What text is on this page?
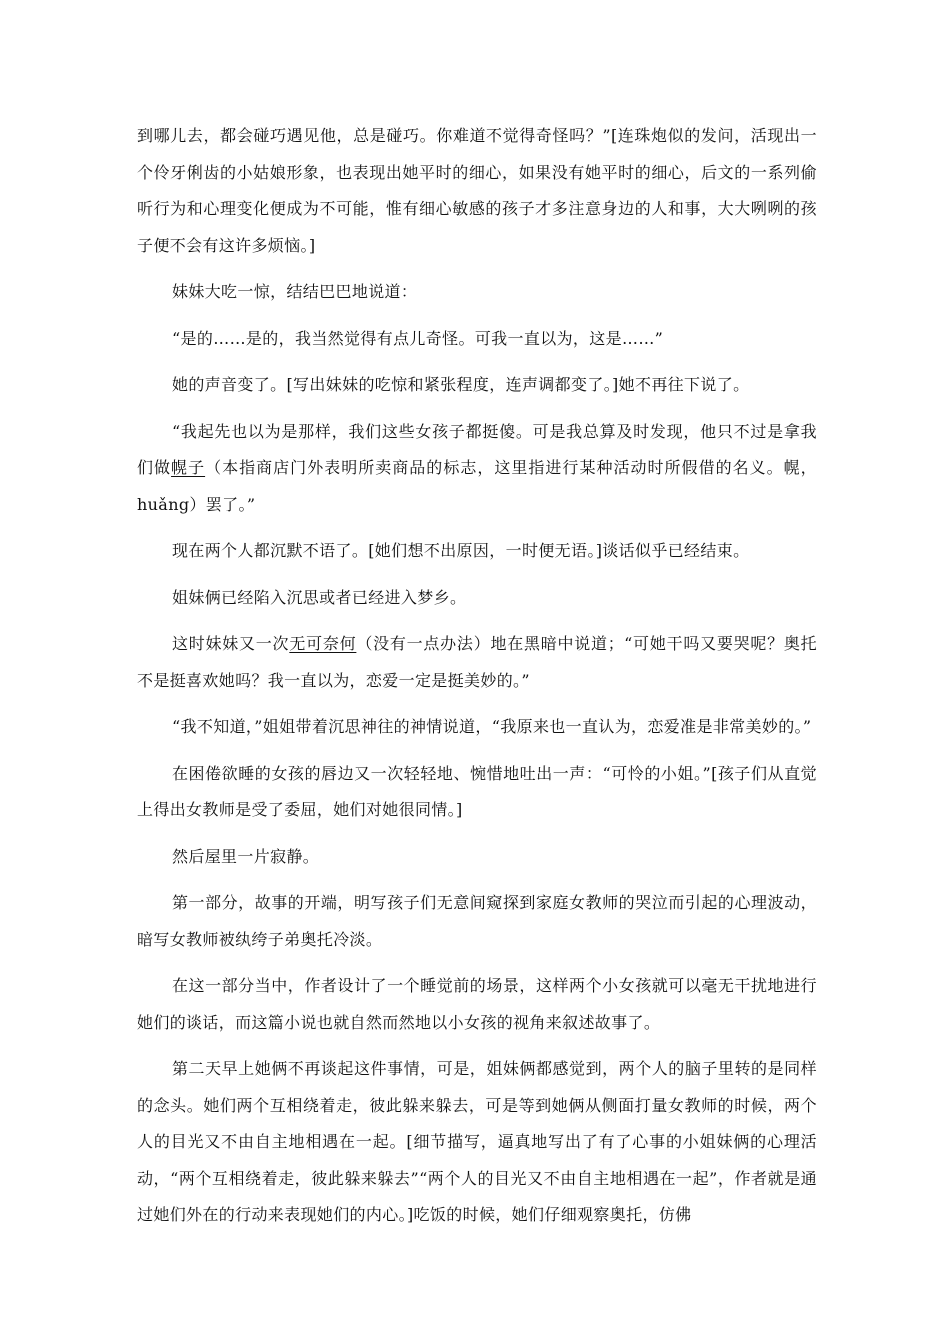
到哪儿去，都会碰巧遇见他，总是碰巧。你难道不觉得奇怪吗？”[连珠炮似的发问，活现出一个伶牙俐齿的小姑娘形象，也表现出她平时的细心，如果没有她平时的细心，后文的一系列偷听行为和心理变化便成为不可能，惟有细心敏感的孩子才多注意身边的人和事，大大咧咧的孩子便不会有这许多烦恼。]

妹妹大吃一惊，结结巴巴地说道：

“是的……是的，我当然觉得有点儿奇怪。可我一直以为，这是……”

她的声音变了。[写出妹妹的吃惊和紧张程度，连声调都变了。]她不再往下说了。

“我起先也以为是那样，我们这些女孩子都挺傻。可是我总算及时发现，他只不过是拿我们做幌子（本指商店门外表明所卖商品的标志，这里指进行某种活动时所假借的名义。幌，huǎng）罢了。”

现在两个人都沉默不语了。[她们想不出原因，一时便无语。]谈话似乎已经结束。

姐妹俩已经陷入沉思或者已经进入梦乡。

这时妹妹又一次无可奈何（没有一点办法）地在黑暗中说道；“可她干吗又要哭呢？奥托不是挺喜欢她吗？我一直以为，恋爱一定是挺美妙的。”

“我不知道，”姐姐带着沉思神往的神情说道，“我原来也一直认为，恋爱准是非常美妙的。”

在困倦欲睡的女孩的唇边又一次轻轻地、惋惜地吐出一声：“可怜的小姐。”[孩子们从直觉上得出女教师是受了委屈，她们对她很同情。]

然后屋里一片寂静。

第一部分，故事的开端，明写孩子们无意间窥探到家庭女教师的哭泣而引起的心理波动，暗写女教师被纨绔子弟奥托冷淡。

在这一部分当中，作者设计了一个睡觉前的场景，这样两个小女孩就可以毫无干扰地进行她们的谈话，而这篇小说也就自然而然地以小女孩的视角来叙述故事了。

第二天早上她俩不再谈起这件事情，可是，姐妹俩都感觉到，两个人的脑子里转的是同样的念头。她们两个互相绕着走，彼此躲来躲去，可是等到她俩从侧面打量女教师的时候，两个人的目光又不由自主地相遇在一起。[细节描写，逼真地写出了有了心事的小姐妹俩的心理活动，“两个互相绕着走，彼此躲来躲去”“两个人的目光又不由自主地相遇在一起”，作者就是通过她们外在的行动来表现她们的内心。]吃饭的时候，她们仔细观察奥托，仿佛
